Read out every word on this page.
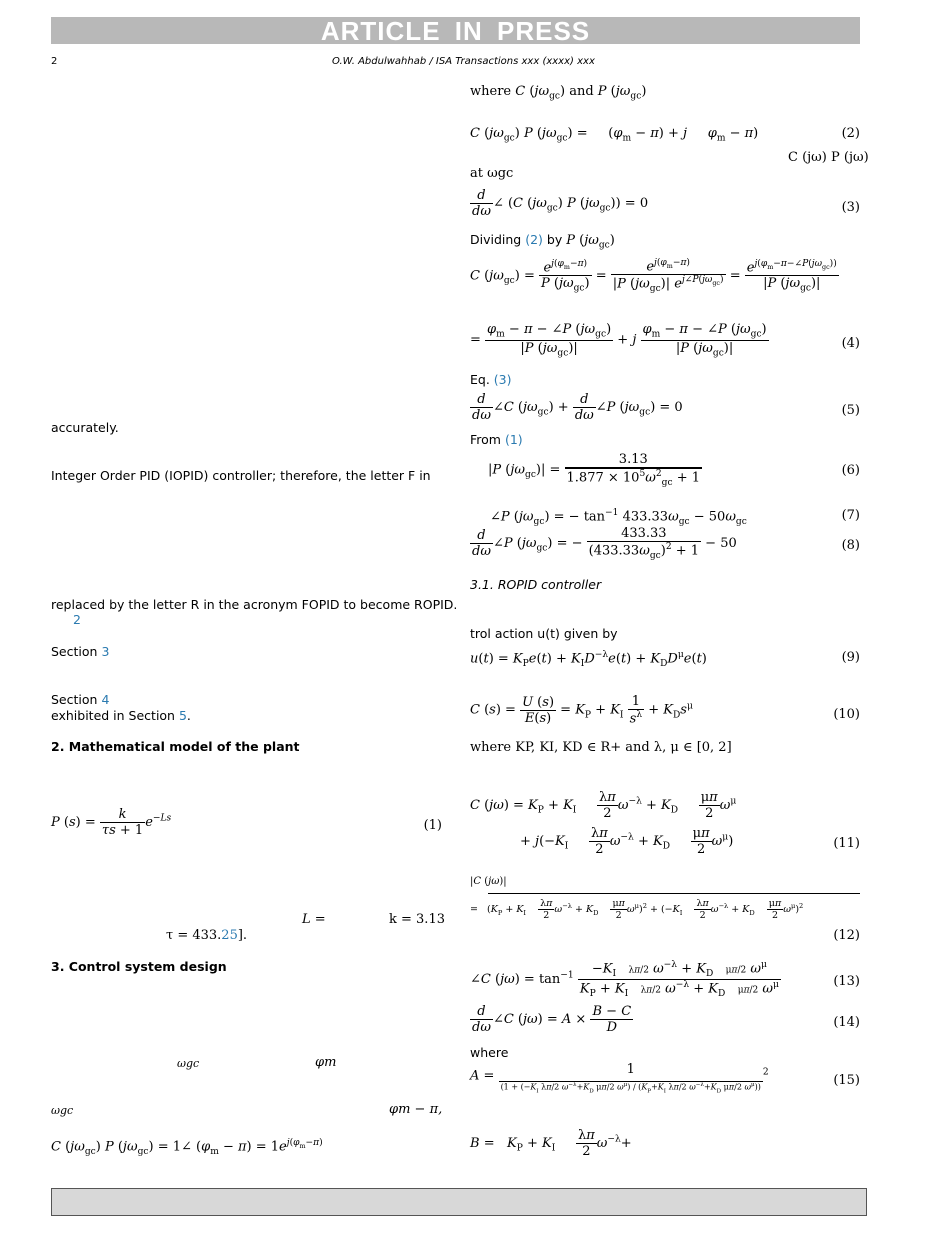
ARTICLE IN PRESS
2	O.W. Abdulwahhab / ISA Transactions xxx (xxxx) xxx
accurately.
Integer Order PID (IOPID) controller; therefore, the letter F in
replaced by the letter R in the acronym FOPID to become ROPID.
2
Section 3
Section 4
exhibited in Section 5.
2. Mathematical model of the plant
P $(s) = \frac{k}{\tau s + 1} e^{-Ls}$	(1)
L =	k = 3.13
τ = 433.25].
3. Control system design
ωgc	φm
ωgc	φm − π,
C $(j\omega_{gc})$ P $(j\omega_{gc})$ = 1∠ $(\varphi_m - \pi) = 1e^{j(\varphi_m-\pi)}$
where C $(j\omega_{gc})$ and P $(j\omega_{gc})$
C $(j\omega_{gc})$ P $(j\omega_{gc})$ =     $(\varphi_m - \pi) + j$ $\varphi_m - \pi$)	(2)
C (jω) P (jω)
at ωgc
$\frac{d}{d\omega}$ ∠ (C $(j\omega_{gc})$ P $(j\omega_{gc})) = 0$	(3)
Dividing (2) by P $(j\omega_{gc})$
C $(j\omega_{gc}) = \frac{e^{j(\varphi_m-\pi)}}{P (j\omega_{gc})} = \frac{e^{j(\varphi_m-\pi)}}{|P (j\omega_{gc})| e^{j\angle P(j\omega_{gc})}} = \frac{e^{j(\varphi_m-\pi-\angle P(j\omega_{gc}))}}{|P (j\omega_{gc})|}$
= $\frac{\varphi_m - \pi - \angle P (j\omega_{gc})}{|P (j\omega_{gc})|} + j \frac{\varphi_m - \pi - \angle P (j\omega_{gc})}{|P (j\omega_{gc})|}$	(4)
Eq. (3)
$\frac{d}{d\omega}$ ∠C $(j\omega_{gc}) + \frac{d}{d\omega}$ ∠P $(j\omega_{gc}) = 0$	(5)
From (1)
|P $(j\omega_{gc})| = \frac{3.13}{1.877 \times 10^5\omega^2_{gc} + 1}$	(6)
∠P $(j\omega_{gc})$ = − $\tan^{-1} 433.33\omega_{gc} - 50\omega_{gc}$	(7)
$\frac{d}{d\omega}$ ∠P $(j\omega_{gc})$ = − $\frac{433.33}{(433.33\omega_{gc})^2 + 1} - 50$	(8)
3.1. ROPID controller
trol action u(t) given by
$u(t) = K_Pe(t) + K_ID^{-\lambda}e(t) + K_DD^\mu e(t)$	(9)
C $(s) = \frac{U (s)}{E(s)} = K_P + K_I \frac{1}{s^\lambda} + K_Ds^\mu$
(10)
where KP, KI, KD ∈ R+ and λ, μ ∈ [0, 2]
C $(j\omega) = K_P + K_I \frac{\lambda\pi}{2} \omega^{-\lambda} + K_D \frac{\mu\pi}{2} \omega^\mu$
+ $j(-K_I \frac{\lambda\pi}{2} \omega^{-\lambda} + K_D \frac{\mu\pi}{2} \omega^\mu)$	(11)
|C (jω)|
=   $(K_P + K_I \frac{\lambda\pi}{2} \omega^{-\lambda} + K_D \frac{\mu\pi}{2} \omega^\mu)^2 + (-K_I \frac{\lambda\pi}{2} \omega^{-\lambda} + K_D \frac{\mu\pi}{2} \omega^\mu)^2$
(12)
∠C $(j\omega) = \tan^{-1} \frac{-K_I \lambda\pi/2 \omega^{-\lambda} + K_D \mu\pi/2 \omega^\mu}{K_P + K_I \lambda\pi/2 \omega^{-\lambda} + K_D \mu\pi/2 \omega^\mu}$	(13)
$\frac{d}{d\omega}$ ∠C $(j\omega) = A \times \frac{B - C}{D}$	(14)
where
A =	1
($1 + (-K_I$ λπ/2 $\omega^{-\lambda}+K_D$ μπ/2 $\omega^\mu) / (K_P+K_I$ λπ/2 $\omega^{-\lambda}+K_D$ μπ/2 $\omega^\mu$))
$^2$
(15)
$B = K_P + K_I \frac{\lambda\pi}{2} \omega^{-\lambda}+$
